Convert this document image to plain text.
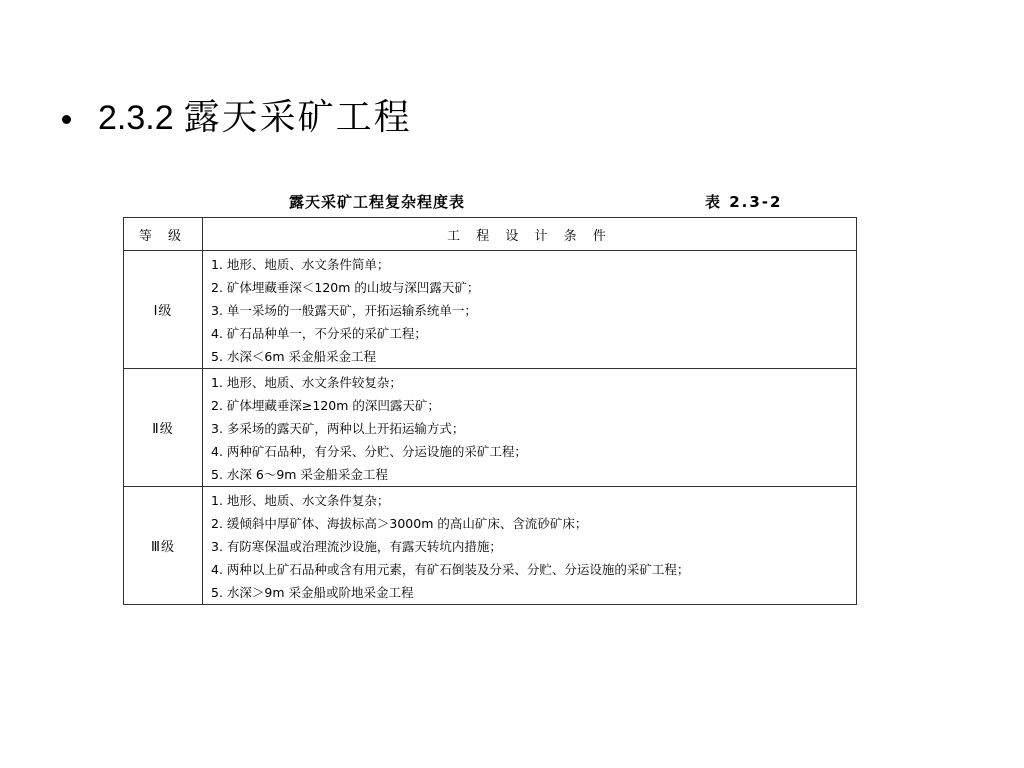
2.3.2 露天采矿工程
露天采矿工程复杂程度表	表 2.3-2
等 级	工 程 设 计 条 件
Ⅰ级	1. 地形、地质、水文条件简单；
2. 矿体埋藏垂深＜120m 的山坡与深凹露天矿；
3. 单一采场的一般露天矿，开拓运输系统单一；
4. 矿石品种单一，不分采的采矿工程；
5. 水深＜6m 采金船采金工程

Ⅱ级	1. 地形、地质、水文条件较复杂；
2. 矿体埋藏垂深≥120m 的深凹露天矿；
3. 多采场的露天矿，两种以上开拓运输方式；
4. 两种矿石品种，有分采、分贮、分运设施的采矿工程；
5. 水深 6～9m 采金船采金工程

Ⅲ级	1. 地形、地质、水文条件复杂；
2. 缓倾斜中厚矿体、海拔标高＞3000m 的高山矿床、含流砂矿床；
3. 有防寒保温或治理流沙设施，有露天转坑内措施；
4. 两种以上矿石品种或含有用元素，有矿石倒装及分采、分贮、分运设施的采矿工程；
5. 水深＞9m 采金船或阶地采金工程
